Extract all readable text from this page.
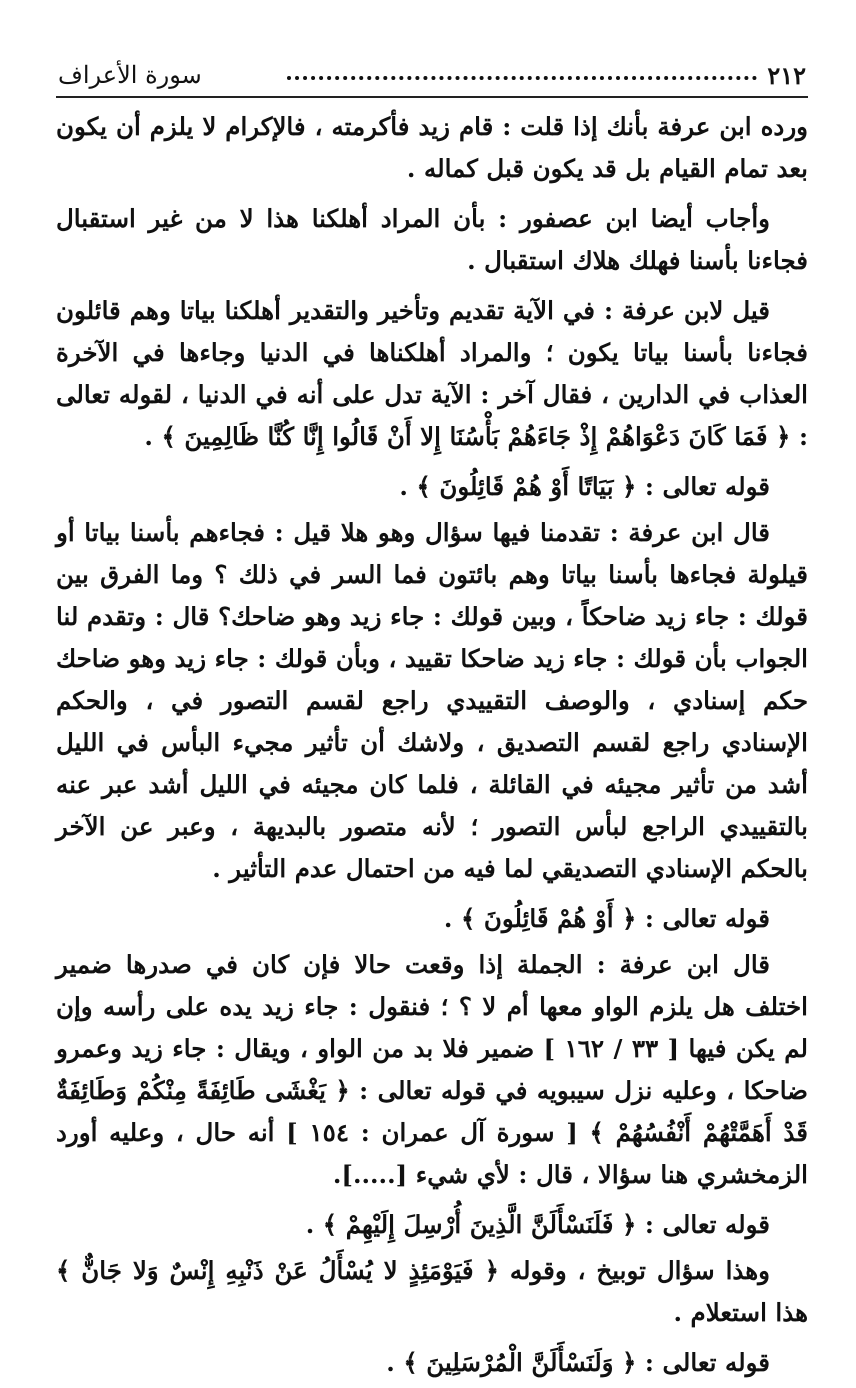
٢١٢
سورة الأعراف

ورده ابن عرفة بأنك إذا قلت : قام زيد فأكرمته ، فالإكرام لا يلزم أن يكون بعد تمام القيام بل قد يكون قبل كماله .

وأجاب أيضا ابن عصفور : بأن المراد أهلكنا هذا لا من غير استقبال فجاءنا بأسنا فهلك هلاك استقبال .

قيل لابن عرفة : في الآية تقديم وتأخير والتقدير أهلكنا بياتا وهم قائلون فجاءنا بأسنا بياتا يكون ؛ والمراد أهلكناها في الدنيا وجاءها في الآخرة العذاب في الدارين ، فقال آخر : الآية تدل على أنه في الدنيا ، لقوله تعالى : ﴿ فَمَا كَانَ دَعْوَاهُمْ إِذْ جَاءَهُمْ بَأْسُنَا إِلا أَنْ قَالُوا إِنَّا كُنَّا ظَالِمِينَ ﴾ .

قوله تعالى : ﴿ بَيَاتًا أَوْ هُمْ قَائِلُونَ ﴾ .

قال ابن عرفة : تقدمنا فيها سؤال وهو هلا قيل : فجاءهم بأسنا بياتا أو قيلولة فجاءها بأسنا بياتا وهم بائتون فما السر في ذلك ؟ وما الفرق بين قولك : جاء زيد ضاحكاً ، وبين قولك : جاء زيد وهو ضاحك؟ قال : وتقدم لنا الجواب بأن قولك : جاء زيد ضاحكا تقييد ، وبأن قولك : جاء زيد وهو ضاحك حكم إسنادي ، والوصف التقييدي راجع لقسم التصور في ، والحكم الإسنادي راجع لقسم التصديق ، ولاشك أن تأثير مجيء البأس في الليل أشد من تأثير مجيئه في القائلة ، فلما كان مجيئه في الليل أشد عبر عنه بالتقييدي الراجع لبأس التصور ؛ لأنه متصور بالبديهة ، وعبر عن الآخر بالحكم الإسنادي التصديقي لما فيه من احتمال عدم التأثير .

قوله تعالى : ﴿ أَوْ هُمْ قَائِلُونَ ﴾ .

قال ابن عرفة : الجملة إذا وقعت حالا فإن كان في صدرها ضمير اختلف هل يلزم الواو معها أم لا ؟ ؛ فنقول : جاء زيد يده على رأسه وإن لم يكن فيها [ ٣٣ / ١٦٢ ] ضمير فلا بد من الواو ، ويقال : جاء زيد وعمرو ضاحكا ، وعليه نزل سيبويه في قوله تعالى : ﴿ يَغْشَى طَائِفَةً مِنْكُمْ وَطَائِفَةٌ قَدْ أَهَمَّتْهُمْ أَنْفُسُهُمْ ﴾ [ سورة آل عمران : ١٥٤ ] أنه حال ، وعليه أورد الزمخشري هنا سؤالا ، قال : لأي شيء [.....].

قوله تعالى : ﴿ فَلَنَسْأَلَنَّ الَّذِينَ أُرْسِلَ إِلَيْهِمْ ﴾ .

وهذا سؤال توبيخ ، وقوله ﴿ فَيَوْمَئِذٍ لا يُسْأَلُ عَنْ ذَنْبِهِ إِنْسٌ وَلا جَانٌّ ﴾ هذا استعلام .

قوله تعالى : ﴿ وَلَنَسْأَلَنَّ الْمُرْسَلِينَ ﴾ .
